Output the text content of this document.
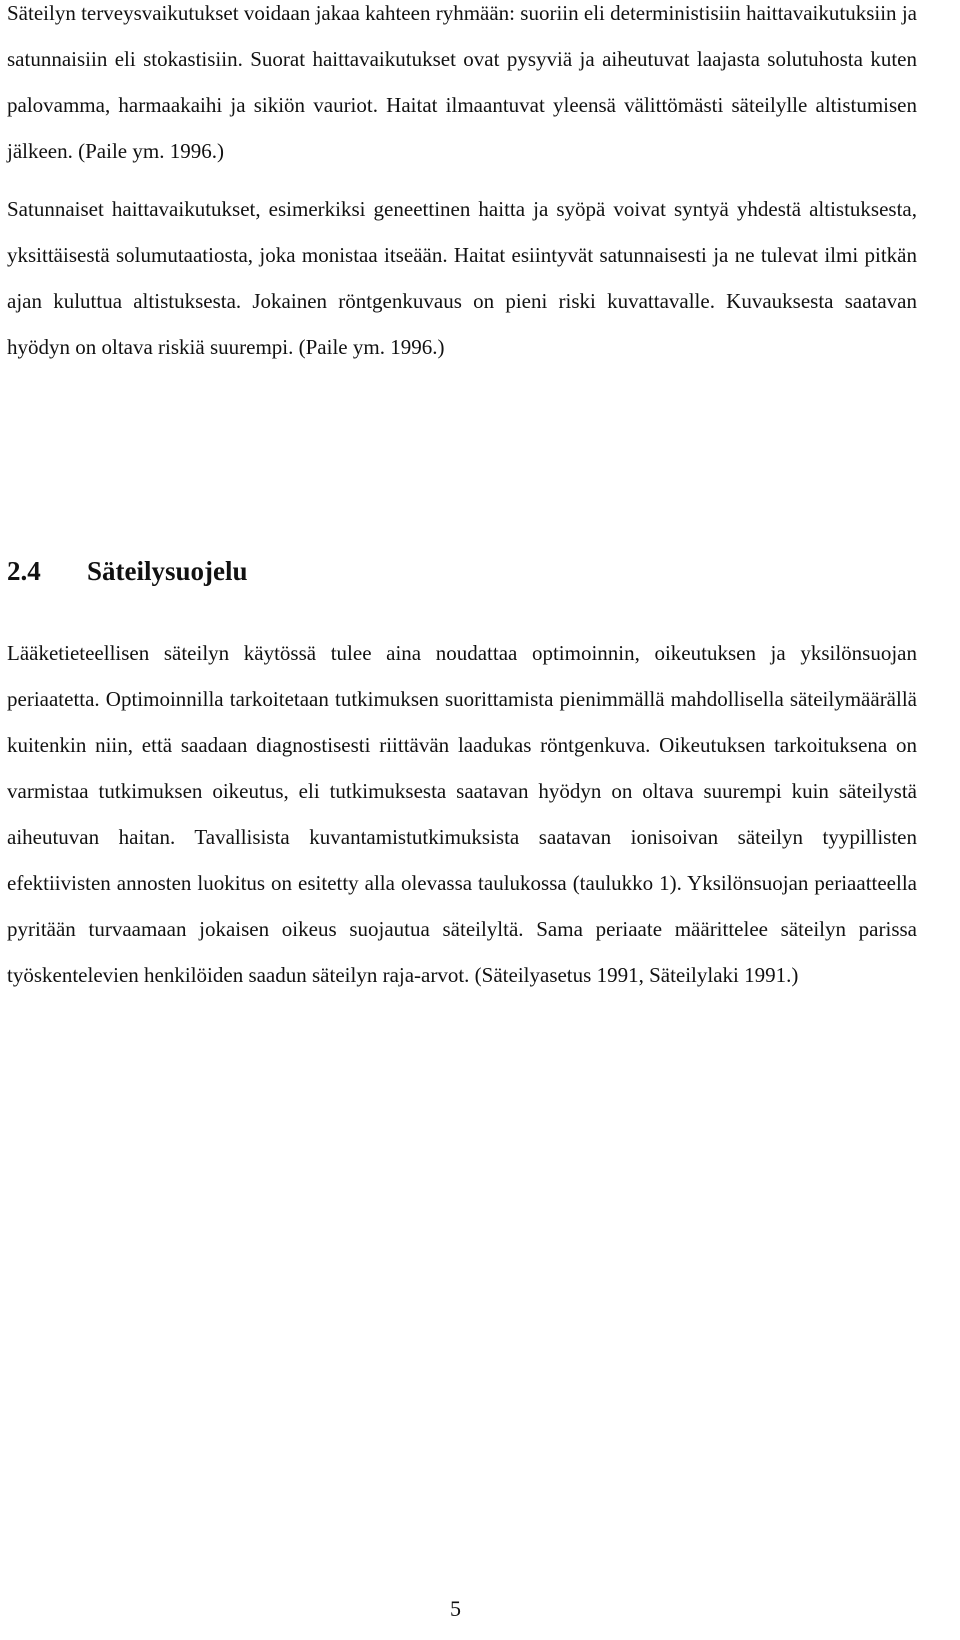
Säteilyn terveysvaikutukset voidaan jakaa kahteen ryhmään: suoriin eli deterministisiin haittavaikutuksiin ja satunnaisiin eli stokastisiin. Suorat haittavaikutukset ovat pysyviä ja aiheutuvat laajasta solutuhosta kuten palovamma, harmaakaihi ja sikiön vauriot. Haitat ilmaantuvat yleensä välittömästi säteilylle altistumisen jälkeen. (Paile ym. 1996.)

Satunnaiset haittavaikutukset, esimerkiksi geneettinen haitta ja syöpä voivat syntyä yhdestä altistuksesta, yksittäisestä solumutaatiosta, joka monistaa itseään. Haitat esiintyvät satunnaisesti ja ne tulevat ilmi pitkän ajan kuluttua altistuksesta. Jokainen röntgenkuvaus on pieni riski kuvattavalle. Kuvauksesta saatavan hyödyn on oltava riskiä suurempi. (Paile ym. 1996.)

2.4 Säteilysuojelu

Lääketieteellisen säteilyn käytössä tulee aina noudattaa optimoinnin, oikeutuksen ja yksilönsuojan periaatetta. Optimoinnilla tarkoitetaan tutkimuksen suorittamista pienimmällä mahdollisella säteilymäärällä kuitenkin niin, että saadaan diagnostisesti riittävän laadukas röntgenkuva. Oikeutuksen tarkoituksena on varmistaa tutkimuksen oikeutus, eli tutkimuksesta saatavan hyödyn on oltava suurempi kuin säteilystä aiheutuvan haitan. Tavallisista kuvantamistutkimuksista saatavan ionisoivan säteilyn tyypillisten efektiivisten annosten luokitus on esitetty alla olevassa taulukossa (taulukko 1). Yksilönsuojan periaatteella pyritään turvaamaan jokaisen oikeus suojautua säteilyltä. Sama periaate määrittelee säteilyn parissa työskentelevien henkilöiden saadun säteilyn raja-arvot. (Säteilyasetus 1991, Säteilylaki 1991.)

5
